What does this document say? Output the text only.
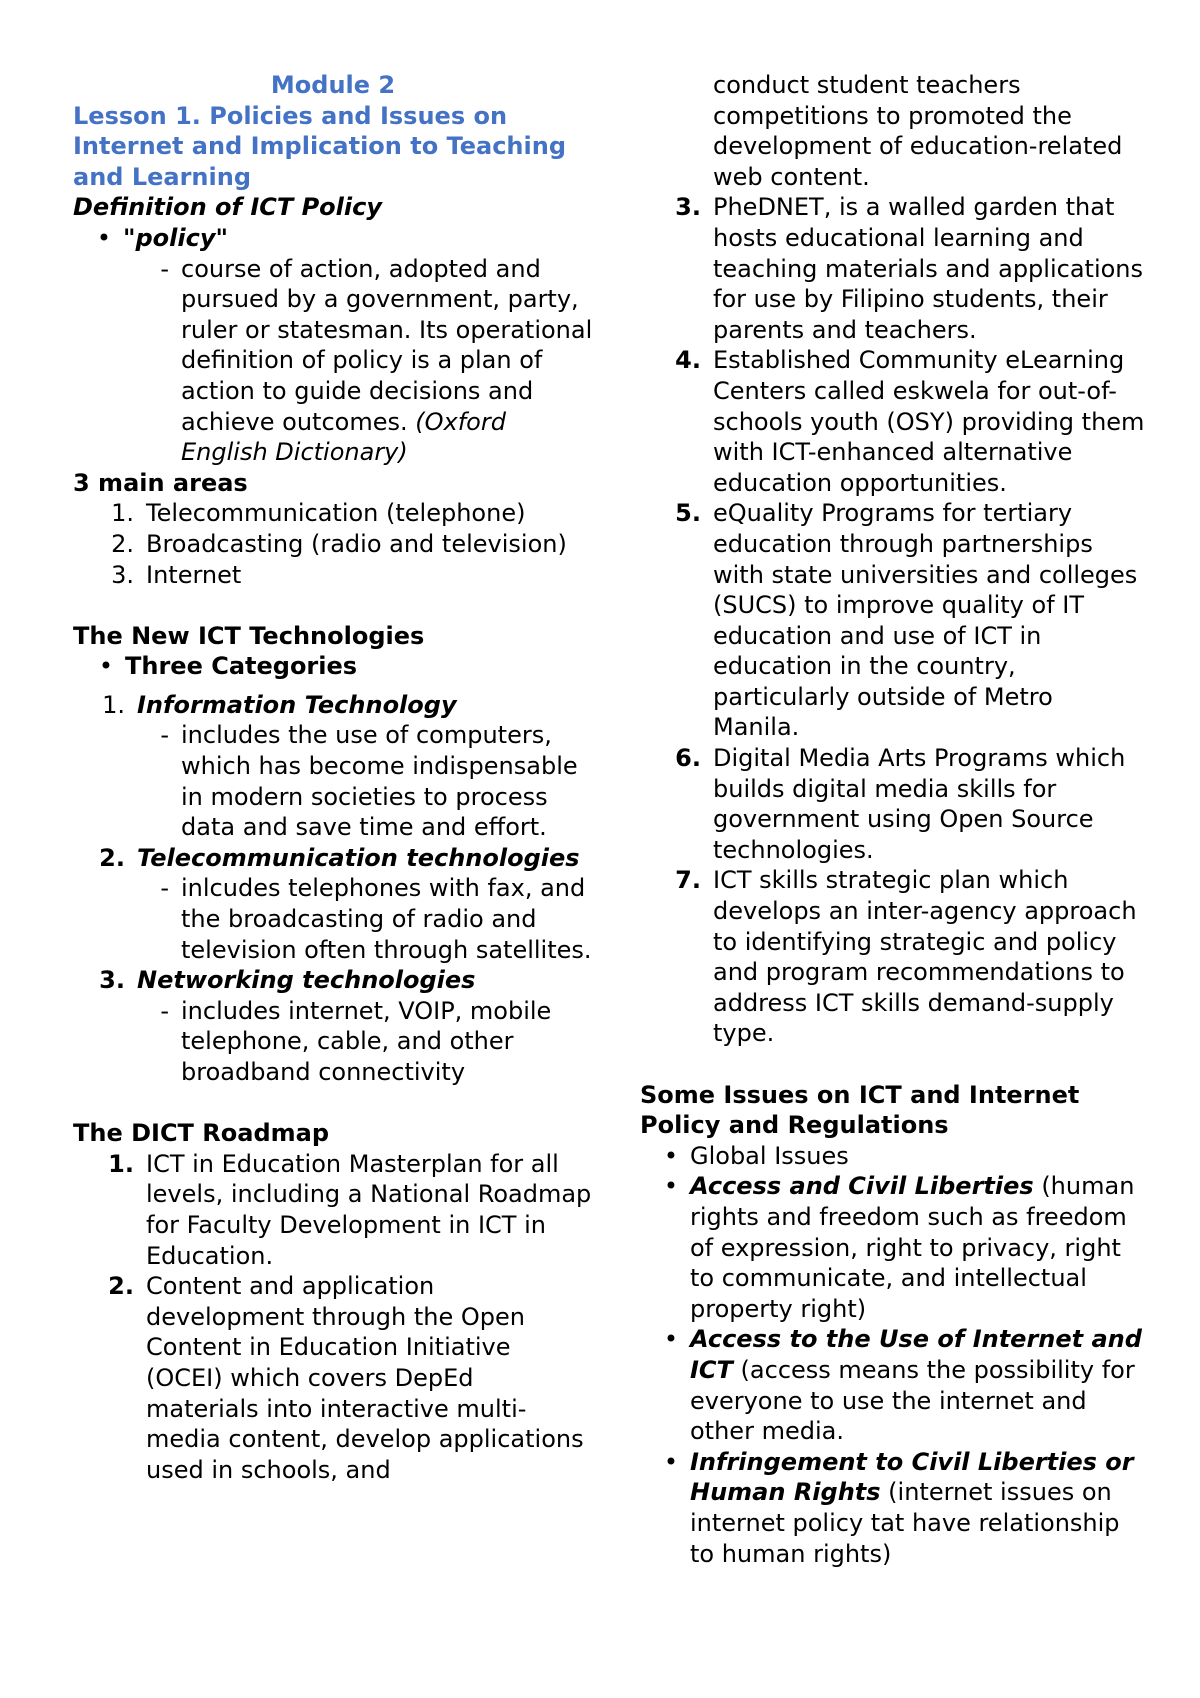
Module 2

Lesson 1. Policies and Issues on Internet and Implication to Teaching and Learning

Definition of ICT Policy

• "policy"
- course of action, adopted and pursued by a government, party, ruler or statesman. Its operational definition of policy is a plan of action to guide decisions and achieve outcomes. (Oxford English Dictionary)

3 main areas

1. Telecommunication (telephone)
2. Broadcasting (radio and television)
3. Internet

The New ICT Technologies

• Three Categories
1. Information Technology
- includes the use of computers, which has become indispensable in modern societies to process data and save time and effort.
2. Telecommunication technologies
- inlcudes telephones with fax, and the broadcasting of radio and television often through satellites.
3. Networking technologies
- includes internet, VOIP, mobile telephone, cable, and other broadband connectivity

The DICT Roadmap

1. ICT in Education Masterplan for all levels, including a National Roadmap for Faculty Development in ICT in Education.
2. Content and application development through the Open Content in Education Initiative (OCEI) which covers DepEd materials into interactive multi-media content, develop applications used in schools, and
conduct student teachers competitions to promoted the development of education-related web content.
3. PheDNET, is a walled garden that hosts educational learning and teaching materials and applications for use by Filipino students, their parents and teachers.
4. Established Community eLearning Centers called eskwela for out-of-schools youth (OSY) providing them with ICT-enhanced alternative education opportunities.
5. eQuality Programs for tertiary education through partnerships with state universities and colleges (SUCS) to improve quality of IT education and use of ICT in education in the country, particularly outside of Metro Manila.
6. Digital Media Arts Programs which builds digital media skills for government using Open Source technologies.
7. ICT skills strategic plan which develops an inter-agency approach to identifying strategic and policy and program recommendations to address ICT skills demand-supply type.

Some Issues on ICT and Internet Policy and Regulations

• Global Issues
• Access and Civil Liberties (human rights and freedom such as freedom of expression, right to privacy, right to communicate, and intellectual property right)
• Access to the Use of Internet and ICT (access means the possibility for everyone to use the internet and other media.
• Infringement to Civil Liberties or Human Rights (internet issues on internet policy tat have relationship to human rights)
